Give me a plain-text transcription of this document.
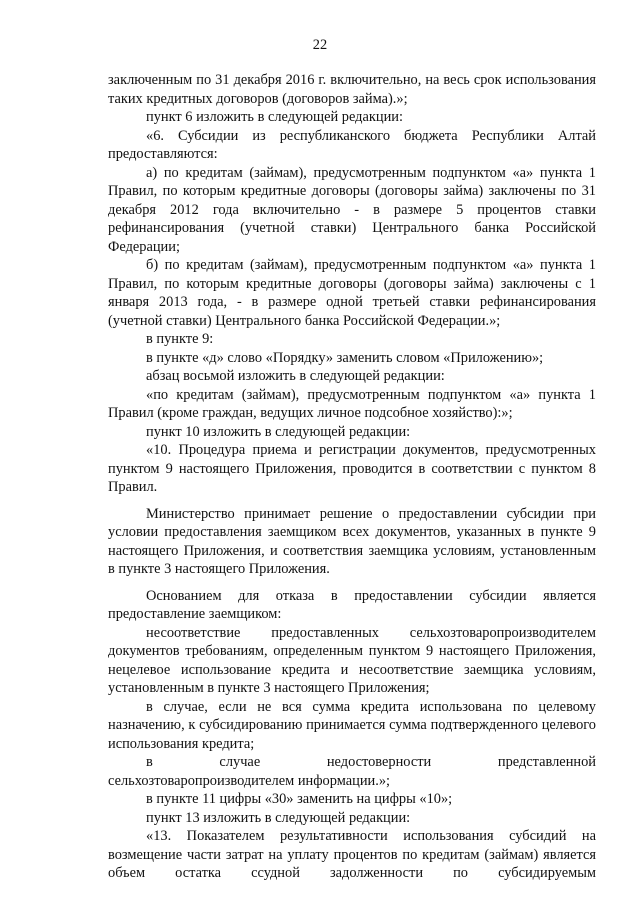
22

заключенным по 31 декабря 2016 г. включительно, на весь срок использования таких кредитных договоров (договоров займа).»;

пункт 6 изложить в следующей редакции:

«6. Субсидии из республиканского бюджета Республики Алтай предоставляются:

а) по кредитам (займам), предусмотренным подпунктом «а» пункта 1 Правил, по которым кредитные договоры (договоры займа) заключены по 31 декабря 2012 года включительно - в размере 5 процентов ставки рефинансирования (учетной ставки) Центрального банка Российской Федерации;

б) по кредитам (займам), предусмотренным подпунктом «а» пункта 1 Правил, по которым кредитные договоры (договоры займа) заключены с 1 января 2013 года, - в размере одной третьей ставки рефинансирования (учетной ставки) Центрального банка Российской Федерации.»;

в пункте 9:

в пункте «д» слово «Порядку» заменить словом «Приложению»;

абзац восьмой изложить в следующей редакции:

«по кредитам (займам), предусмотренным подпунктом «а» пункта 1 Правил (кроме граждан, ведущих личное подсобное хозяйство):»;

пункт 10 изложить в следующей редакции:

«10. Процедура приема и регистрации документов, предусмотренных пунктом 9 настоящего Приложения, проводится в соответствии с пунктом 8 Правил.

Министерство принимает решение о предоставлении субсидии при условии предоставления заемщиком всех документов, указанных в пункте 9 настоящего Приложения, и соответствия заемщика условиям, установленным в пункте 3 настоящего Приложения.

Основанием для отказа в предоставлении субсидии является предоставление заемщиком:

несоответствие предоставленных сельхозтоваропроизводителем документов требованиям, определенным пунктом 9 настоящего Приложения, нецелевое использование кредита и несоответствие заемщика условиям, установленным в пункте 3 настоящего Приложения;

в случае, если не вся сумма кредита использована по целевому назначению, к субсидированию принимается сумма подтвержденного целевого использования кредита;

в случае недостоверности представленной

сельхозтоваропроизводителем информации.»;

в пункте 11 цифры «30» заменить на цифры «10»;

пункт 13 изложить в следующей редакции:

«13. Показателем результативности использования субсидий на возмещение части затрат на уплату процентов по кредитам (займам) является объем остатка ссудной задолженности по субсидируемым
